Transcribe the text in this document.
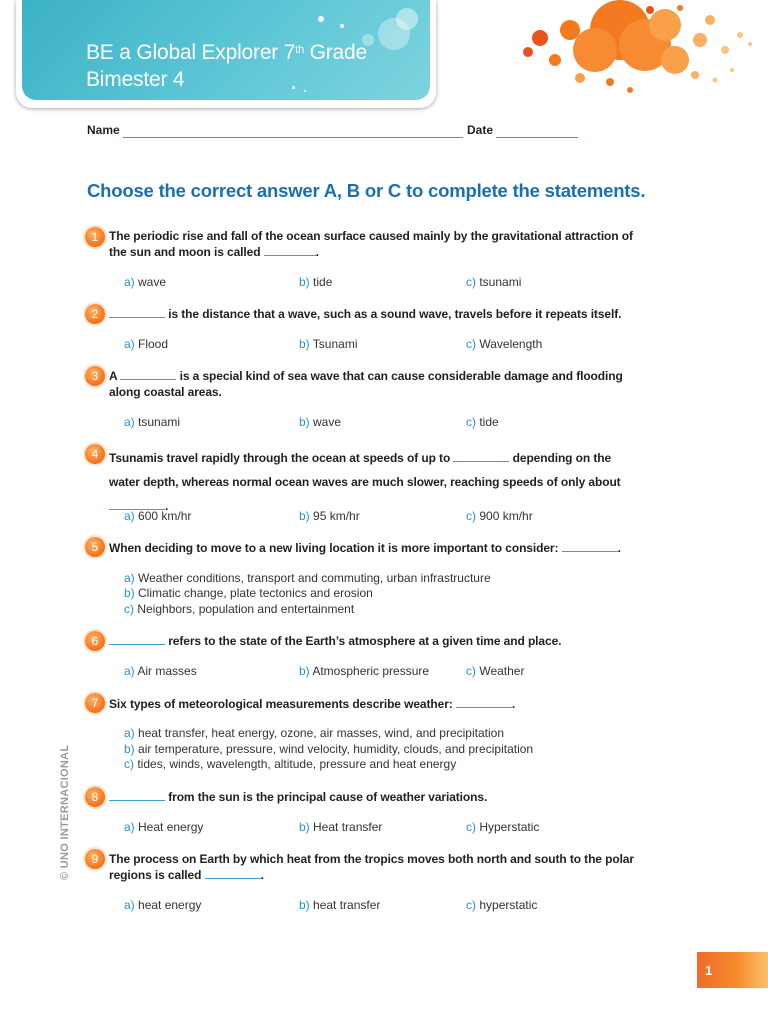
BE a Global Explorer 7th Grade
Bimester 4
Name	Date
Choose the correct answer A, B or C to complete the statements.
1 The periodic rise and fall of the ocean surface caused mainly by the gravitational attraction of the sun and moon is called	.
a) wave	b) tide	c) tsunami
2	is the distance that a wave, such as a sound wave, travels before it repeats itself.
a) Flood	b) Tsunami	c) Wavelength
3 A	is a special kind of sea wave that can cause considerable damage and flooding along coastal areas.
a) tsunami	b) wave	c) tide
4 Tsunamis travel rapidly through the ocean at speeds of up to	depending on the water depth, whereas normal ocean waves are much slower, reaching speeds of only about .
a) 600 km/hr	b) 95 km/hr	c) 900 km/hr
5 When deciding to move to a new living location it is more important to consider:	.
a) Weather conditions, transport and commuting, urban infrastructure
b) Climatic change, plate tectonics and erosion
c) Neighbors, population and entertainment
6	refers to the state of the Earth’s atmosphere at a given time and place.
a) Air masses	b) Atmospheric pressure	c) Weather
7 Six types of meteorological measurements describe weather:	.
a) heat transfer, heat energy, ozone, air masses, wind, and precipitation
b) air temperature, pressure, wind velocity, humidity, clouds, and precipitation
c) tides, winds, wavelength, altitude, pressure and heat energy
8	from the sun is the principal cause of weather variations.
a) Heat energy	b) Heat transfer	c) Hyperstatic
9 The process on Earth by which heat from the tropics moves both north and south to the polar regions is called	.
a) heat energy	b) heat transfer	c) hyperstatic
© UNO INTERNACIONAL
1
